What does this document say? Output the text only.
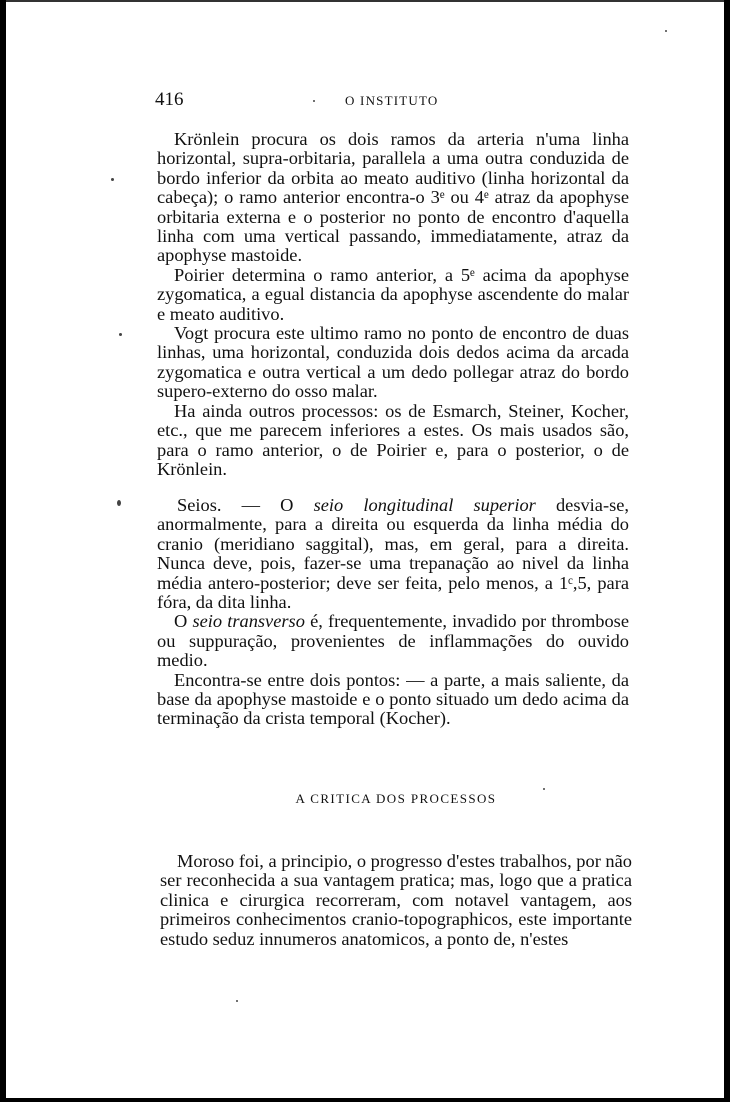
416	O INSTITUTO

Krönlein procura os dois ramos da arteria n'uma linha horizontal, supra-orbitaria, parallela a uma outra conduzida de bordo inferior da orbita ao meato auditivo (linha horizontal da cabeça); o ramo anterior encontra-o 3ᵉ ou 4ᵉ atraz da apophyse orbitaria externa e o posterior no ponto de encontro d'aquella linha com uma vertical passando, immediatamente, atraz da apophyse mastoide.

Poirier determina o ramo anterior, a 5ᵉ acima da apophyse zygomatica, a egual distancia da apophyse ascendente do malar e meato auditivo.

Vogt procura este ultimo ramo no ponto de encontro de duas linhas, uma horizontal, conduzida dois dedos acima da arcada zygomatica e outra vertical a um dedo pollegar atraz do bordo supero-externo do osso malar.

Ha ainda outros processos: os de Esmarch, Steiner, Kocher, etc., que me parecem inferiores a estes. Os mais usados são, para o ramo anterior, o de Poirier e, para o posterior, o de Krönlein.

Seios. — O seio longitudinal superior desvia-se, anormalmente, para a direita ou esquerda da linha média do cranio (meridiano saggital), mas, em geral, para a direita. Nunca deve, pois, fazer-se uma trepanação ao nivel da linha média antero-posterior; deve ser feita, pelo menos, a 1ᶜ,5, para fóra, da dita linha.

O seio transverso é, frequentemente, invadido por thrombose ou suppuração, provenientes de inflammações do ouvido medio.

Encontra-se entre dois pontos: — a parte, a mais saliente, da base da apophyse mastoide e o ponto situado um dedo acima da terminação da crista temporal (Kocher).

A CRITICA DOS PROCESSOS

Moroso foi, a principio, o progresso d'estes trabalhos, por não ser reconhecida a sua vantagem pratica; mas, logo que a pratica clinica e cirurgica recorreram, com notavel vantagem, aos primeiros conhecimentos cranio-topographicos, este importante estudo seduz innumeros anatomicos, a ponto de, n'estes
